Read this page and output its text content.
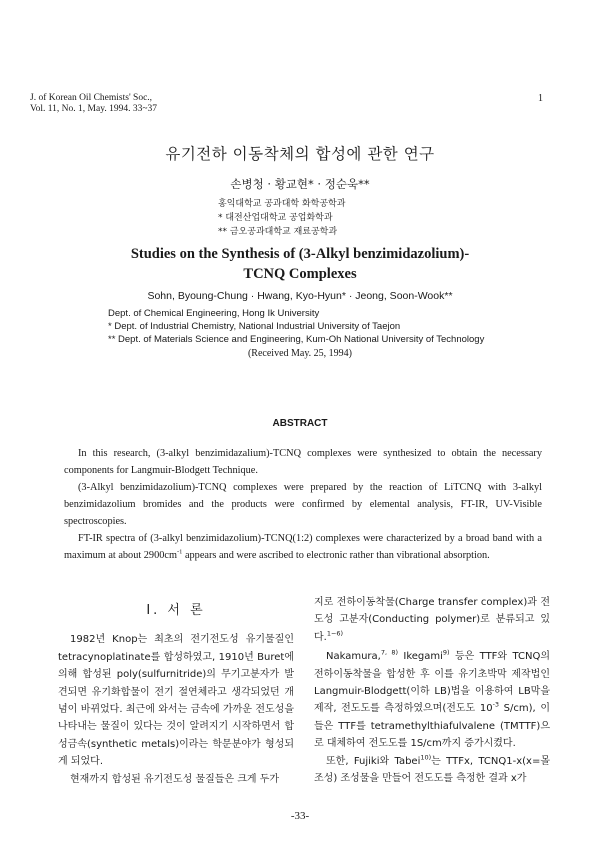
J. of Korean Oil Chemists' Soc.,
Vol. 11, No. 1, May. 1994. 33~37
1
유기전하 이동착체의 합성에 관한 연구
손병청 · 황교현* · 정순욱**
홍익대학교 공과대학 화학공학과
* 대전산업대학교 공업화학과
** 금오공과대학교 재료공학과
Studies on the Synthesis of (3-Alkyl benzimidazolium)-
TCNQ Complexes
Sohn, Byoung-Chung · Hwang, Kyo-Hyun* · Jeong, Soon-Wook**
Dept. of Chemical Engineering, Hong Ik University
* Dept. of Industrial Chemistry, National Industrial University of Taejon
** Dept. of Materials Science and Engineering, Kum-Oh National University of Technology
(Received May. 25, 1994)
ABSTRACT

In this research, (3-alkyl benzimidazalium)-TCNQ complexes were synthesized to obtain the necessary components for Langmuir-Blodgett Technique.

(3-Alkyl benzimidazolium)-TCNQ complexes were prepared by the reaction of LiTCNQ with 3-alkyl benzimidazolium bromides and the products were confirmed by elemental analysis, FT-IR, UV-Visible spectroscopies.

FT-IR spectra of (3-alkyl benzimidazolium)-TCNQ(1:2) complexes were characterized by a broad band with a maximum at about $2900cm^{-1}$ appears and were ascribed to electronic rather than vibrational absorption.

I. 서 론

1982년 Knop는 최초의 전기전도성 유기물질인 tetracynoplatinate를 합성하였고, 1910년 Buret에 의해 합성된 poly(sulfurnitride)의 무기고분자가 발견되면 유기화합물이 전기 절연체라고 생각되었던 개념이 바뀌었다. 최근에 와서는 금속에 가까운 전도성을 나타내는 물질이 있다는 것이 알려지기 시작하면서 합성금속(synthetic metals)이라는 학문분야가 형성되게 되었다.

현재까지 합성된 유기전도성 물질들은 크게 두가

지로 전하이동착물(Charge transfer complex)과 전도성 고분자(Conducting polymer)로 분류되고 있다.$^{1\sim 6)}$

Nakamura,$^{7, 8)}$ Ikegami$^{9)}$ 등은 TTF와 TCNQ의 전하이동착물을 합성한 후 이를 유기초박막 제작법인 Langmuir-Blodgett(이하 LB)법을 이용하여 LB막을 제작, 전도도를 측정하였으며(전도도 $10^{-3}$ S/cm), 이들은 TTF를 tetramethylthiafulvalene (TMTTF)으로 대체하여 전도도를 1S/cm까지 증가시켰다.

또한, Fujiki와 Tabei$^{10)}$는 TTFx, TCNQ1-x(x=몰조성) 조성물을 만들어 전도도를 측정한 결과 x가

-33-
